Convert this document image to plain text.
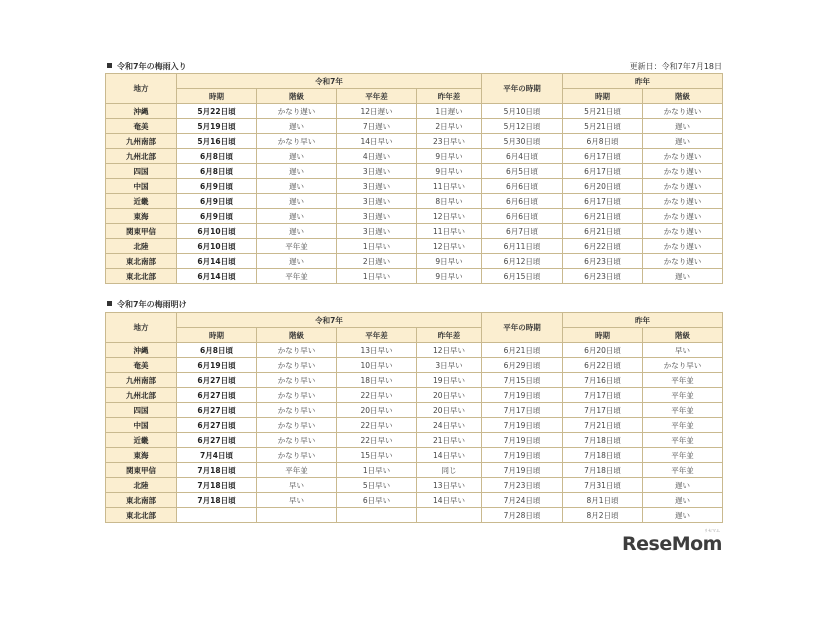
令和7年の梅雨入り	更新日：令和7年7月18日
地方	令和7年				平年の時期	昨年	
	時期	階級	平年差	昨年差		時期	階級
沖縄	5月22日頃	かなり遅い	12日遅い	1日遅い	5月10日頃	5月21日頃	かなり遅い
奄美	5月19日頃	遅い	7日遅い	2日早い	5月12日頃	5月21日頃	遅い
九州南部	5月16日頃	かなり早い	14日早い	23日早い	5月30日頃	6月8日頃	遅い
九州北部	6月8日頃	遅い	4日遅い	9日早い	6月4日頃	6月17日頃	かなり遅い
四国	6月8日頃	遅い	3日遅い	9日早い	6月5日頃	6月17日頃	かなり遅い
中国	6月9日頃	遅い	3日遅い	11日早い	6月6日頃	6月20日頃	かなり遅い
近畿	6月9日頃	遅い	3日遅い	8日早い	6月6日頃	6月17日頃	かなり遅い
東海	6月9日頃	遅い	3日遅い	12日早い	6月6日頃	6月21日頃	かなり遅い
関東甲信	6月10日頃	遅い	3日遅い	11日早い	6月7日頃	6月21日頃	かなり遅い
北陸	6月10日頃	平年並	1日早い	12日早い	6月11日頃	6月22日頃	かなり遅い
東北南部	6月14日頃	遅い	2日遅い	9日早い	6月12日頃	6月23日頃	かなり遅い
東北北部	6月14日頃	平年並	1日早い	9日早い	6月15日頃	6月23日頃	遅い
令和7年の梅雨明け
地方	令和7年				平年の時期	昨年	
	時期	階級	平年差	昨年差		時期	階級
沖縄	6月8日頃	かなり早い	13日早い	12日早い	6月21日頃	6月20日頃	早い
奄美	6月19日頃	かなり早い	10日早い	3日早い	6月29日頃	6月22日頃	かなり早い
九州南部	6月27日頃	かなり早い	18日早い	19日早い	7月15日頃	7月16日頃	平年並
九州北部	6月27日頃	かなり早い	22日早い	20日早い	7月19日頃	7月17日頃	平年並
四国	6月27日頃	かなり早い	20日早い	20日早い	7月17日頃	7月17日頃	平年並
中国	6月27日頃	かなり早い	22日早い	24日早い	7月19日頃	7月21日頃	平年並
近畿	6月27日頃	かなり早い	22日早い	21日早い	7月19日頃	7月18日頃	平年並
東海	7月4日頃	かなり早い	15日早い	14日早い	7月19日頃	7月18日頃	平年並
関東甲信	7月18日頃	平年並	1日早い	同じ	7月19日頃	7月18日頃	平年並
北陸	7月18日頃	早い	5日早い	13日早い	7月23日頃	7月31日頃	遅い
東北南部	7月18日頃	早い	6日早い	14日早い	7月24日頃	8月1日頃	遅い
東北北部					7月28日頃	8月2日頃	遅い
ReseMom
リセマム
